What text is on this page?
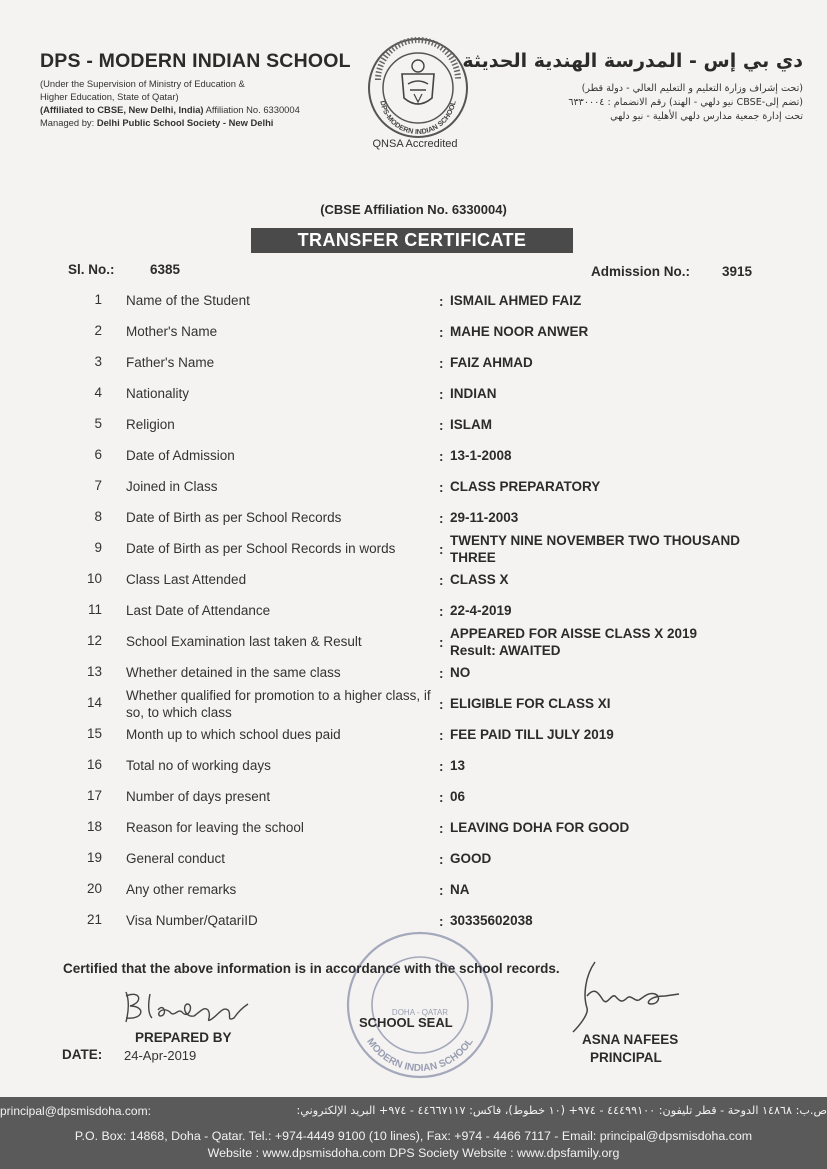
DPS - MODERN INDIAN SCHOOL
(Under the Supervision of Ministry of Education &
Higher Education, State of Qatar)
(Affiliated to CBSE, New Delhi, India) Affiliation No. 6330004
Managed by: Delhi Public School Society - New Delhi
DPS-MODERN INDIAN SCHOOL
QNSA Accredited
دي بي إس - المدرسة الهندية الحديثة
(تحت إشراف وزارة التعليم و التعليم العالي - دولة قطر)
(تضم إلى-CBSE نيو دلهي - الهند) رقم الانضمام : ٦٣٣٠٠٠٤
تحت إدارة جمعية مدارس دلهي الأهلية - نيو دلهي
(CBSE Affiliation No. 6330004)
TRANSFER CERTIFICATE
Sl. No.:	6385	Admission No.: 3915
1 Name of the Student	: ISMAIL AHMED FAIZ
2 Mother's Name	: MAHE NOOR ANWER
3 Father's Name	: FAIZ AHMAD
4 Nationality	: INDIAN
5 Religion	: ISLAM
6 Date of Admission	: 13-1-2008
7 Joined in Class	: CLASS PREPARATORY
8 Date of Birth as per School Records	: 29-11-2003
9 Date of Birth as per School Records in words	:
TWENTY NINE NOVEMBER TWO THOUSAND THREE
10 Class Last Attended	: CLASS X
11 Last Date of Attendance	: 22-4-2019
12 School Examination last taken & Result	:
APPEARED FOR AISSE CLASS X 2019
Result: AWAITED
13 Whether detained in the same class	: NO
14 Whether qualified for promotion to a higher class, if so, to which class
: ELIGIBLE FOR CLASS XI
15 Month up to which school dues paid	: FEE PAID TILL JULY 2019
16 Total no of working days	: 13
17 Number of days present	: 06
18 Reason for leaving the school	: LEAVING DOHA FOR GOOD
19 General conduct	: GOOD
20 Any other remarks	: NA
21 Visa Number/QatariID	: 30335602038
MODERN INDIAN SCHOOL
DOHA - QATAR
Certified that the above information is in accordance with the school records.
PREPARED BY
DATE: 24-Apr-2019
SCHOOL SEAL
ASNA NAFEES
PRINCIPAL
principal@dpsmisdoha.com:	ص.ب: ١٤٨٦٨ الدوحة - قطر تليفون: ٤٤٤٩٩١٠٠ - ٩٧٤+ (١٠ خطوط)، فاكس: ٤٤٦٦٧١١٧ - ٩٧٤+ البريد الإلكتروني:
P.O. Box: 14868, Doha - Qatar. Tel.: +974-4449 9100 (10 lines), Fax: +974 - 4466 7117 - Email: principal@dpsmisdoha.com
Website : www.dpsmisdoha.com DPS Society Website : www.dpsfamily.org
